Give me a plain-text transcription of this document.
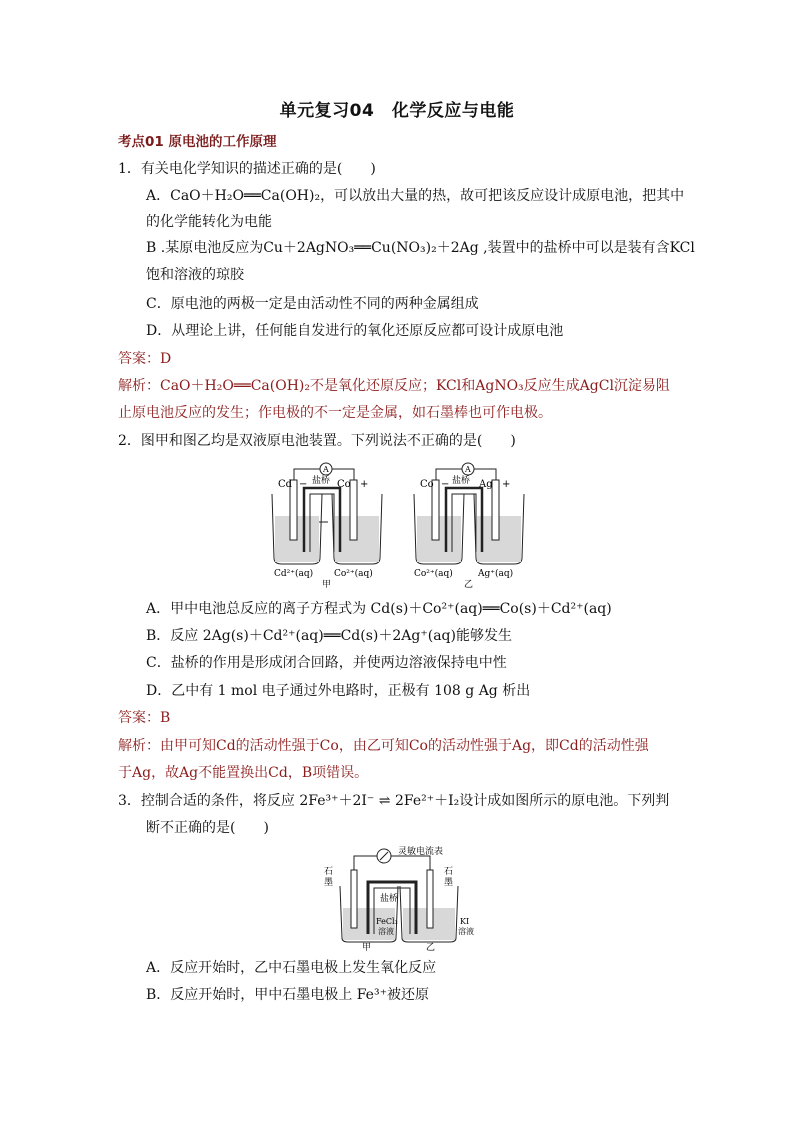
单元复习04　化学反应与电能
考点01 原电池的工作原理
1．有关电化学知识的描述正确的是(　　)
A．CaO＋H₂O══Ca(OH)₂，可以放出大量的热，故可把该反应设计成原电池，把其中
的化学能转化为电能
B .某原电池反应为Cu＋2AgNO₃══Cu(NO₃)₂＋2Ag ,装置中的盐桥中可以是装有含KCl
饱和溶液的琼胶
C．原电池的两极一定是由活动性不同的两种金属组成
D．从理论上讲，任何能自发进行的氧化还原反应都可设计成原电池
答案：D
解析：CaO＋H₂O══Ca(OH)₂不是氧化还原反应；KCl和AgNO₃反应生成AgCl沉淀易阻
止原电池反应的发生；作电极的不一定是金属，如石墨棒也可作电极。
2．图甲和图乙均是双液原电池装置。下列说法不正确的是(　　)
Cd − 盐桥 Co +
A
Cd²⁺(aq) Co²⁺(aq)
甲
Co − 盐桥 Ag +
A
Co²⁺(aq)	Ag⁺(aq)
乙
A．甲中电池总反应的离子方程式为 Cd(s)＋Co²⁺(aq)══Co(s)＋Cd²⁺(aq)
B．反应 2Ag(s)＋Cd²⁺(aq)══Cd(s)＋2Ag⁺(aq)能够发生
C．盐桥的作用是形成闭合回路，并使两边溶液保持电中性
D．乙中有 1 mol 电子通过外电路时，正极有 108 g Ag 析出
答案：B
解析：由甲可知Cd的活动性强于Co，由乙可知Co的活动性强于Ag，即Cd的活动性强
于Ag，故Ag不能置换出Cd，B项错误。
3．控制合适的条件，将反应 2Fe³⁺＋2I⁻ ⇌ 2Fe²⁺＋I₂设计成如图所示的原电池。下列判
断不正确的是(　　)
灵敏电流表
石
墨
石
墨
盐桥
FeCl₃
溶液
KI
溶液
甲	乙
A．反应开始时，乙中石墨电极上发生氧化反应
B．反应开始时，甲中石墨电极上 Fe³⁺被还原
